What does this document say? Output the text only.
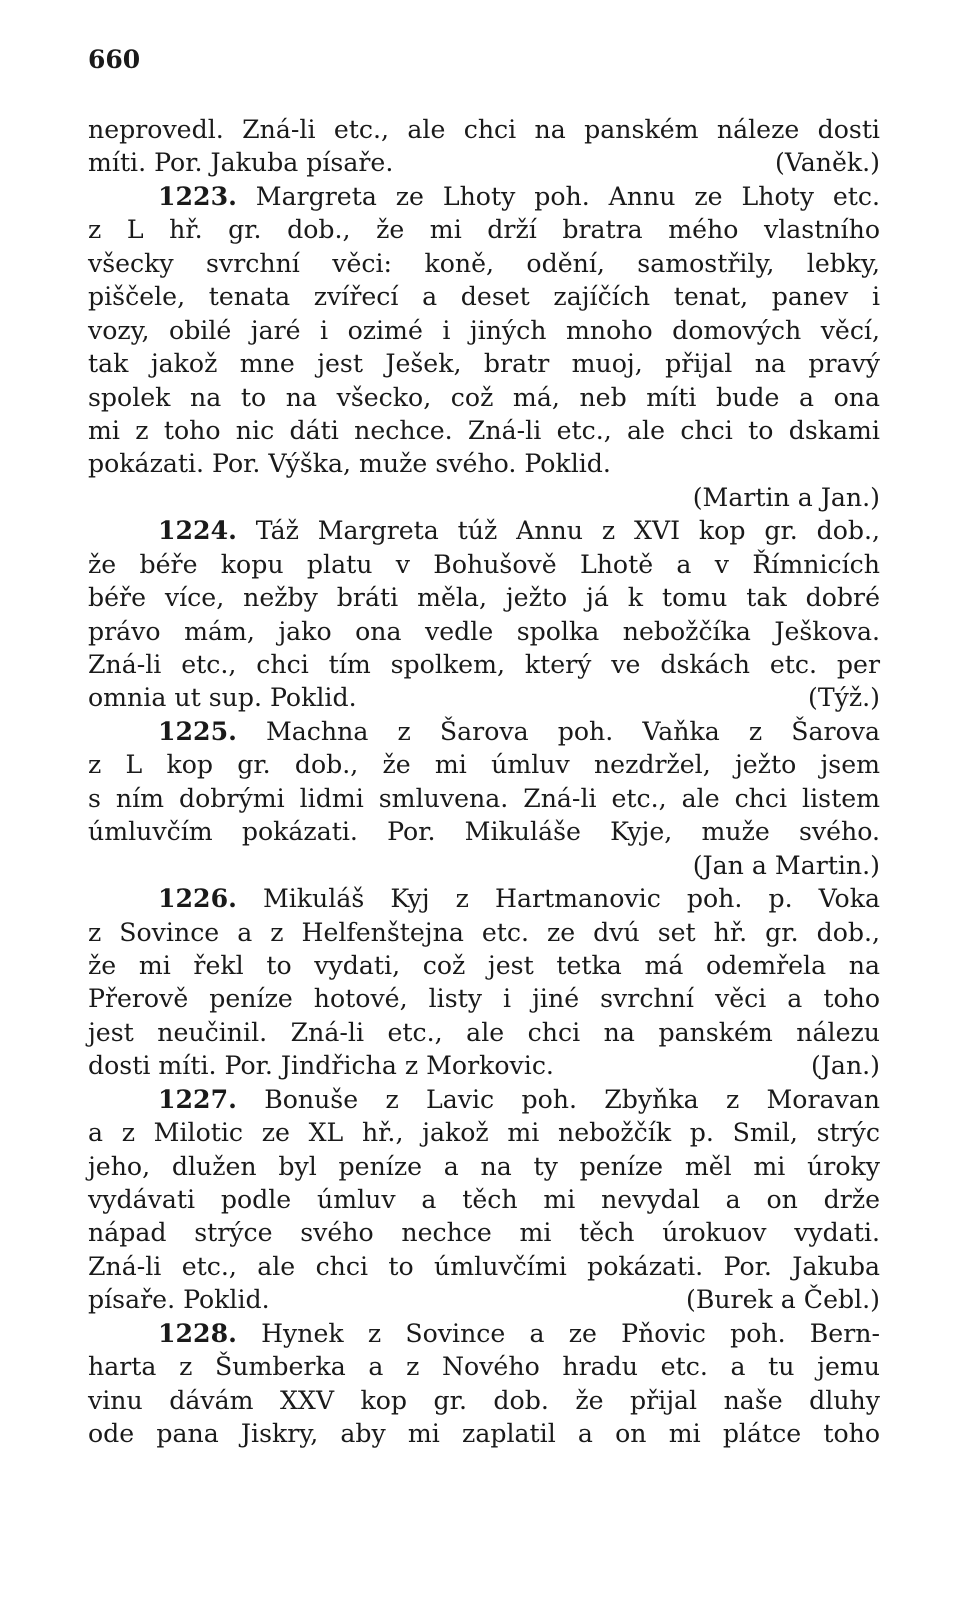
660
neprovedl. Zná-li etc., ale chci na panském náleze dosti
míti. Por. Jakuba písaře.	(Vaněk.)
1223. Margreta ze Lhoty poh. Annu ze Lhoty etc.
z L hř. gr. dob., že mi drží bratra mého vlastního
všecky svrchní věci: koně, odění, samostřily, lebky,
piščele, tenata zvířecí a deset zajíčích tenat, panev i
vozy, obilé jaré i ozimé i jiných mnoho domových věcí,
tak jakož mne jest Ješek, bratr muoj, přijal na pravý
spolek na to na všecko, což má, neb míti bude a ona
mi z toho nic dáti nechce. Zná-li etc., ale chci to dskami
pokázati. Por. Výška, muže svého. Poklid.
(Martin a Jan.)
1224. Táž Margreta túž Annu z XVI kop gr. dob.,
že béře kopu platu v Bohušově Lhotě a v Římnicích
béře více, nežby bráti měla, ježto já k tomu tak dobré
právo mám, jako ona vedle spolka nebožčíka Ješkova.
Zná-li etc., chci tím spolkem, který ve dskách etc. per
omnia ut sup. Poklid.	(Týž.)
1225. Machna z Šarova poh. Vaňka z Šarova
z L kop gr. dob., že mi úmluv nezdržel, ježto jsem
s ním dobrými lidmi smluvena. Zná-li etc., ale chci listem
úmluvčím pokázati. Por. Mikuláše Kyje, muže svého.
(Jan a Martin.)
1226. Mikuláš Kyj z Hartmanovic poh. p. Voka
z Sovince a z Helfenštejna etc. ze dvú set hř. gr. dob.,
že mi řekl to vydati, což jest tetka má odemřela na
Přerově peníze hotové, listy i jiné svrchní věci a toho
jest neučinil. Zná-li etc., ale chci na panském nálezu
dosti míti. Por. Jindřicha z Morkovic.	(Jan.)
1227. Bonuše z Lavic poh. Zbyňka z Moravan
a z Milotic ze XL hř., jakož mi nebožčík p. Smil, strýc
jeho, dlužen byl peníze a na ty peníze měl mi úroky
vydávati podle úmluv a těch mi nevydal a on drže
nápad strýce svého nechce mi těch úrokuov vydati.
Zná-li etc., ale chci to úmluvčími pokázati. Por. Jakuba
písaře. Poklid.	(Burek a Čebl.)
1228. Hynek z Sovince a ze Pňovic poh. Bern-
harta z Šumberka a z Nového hradu etc. a tu jemu
vinu dávám XXV kop gr. dob. že přijal naše dluhy
ode pana Jiskry, aby mi zaplatil a on mi plátce toho
